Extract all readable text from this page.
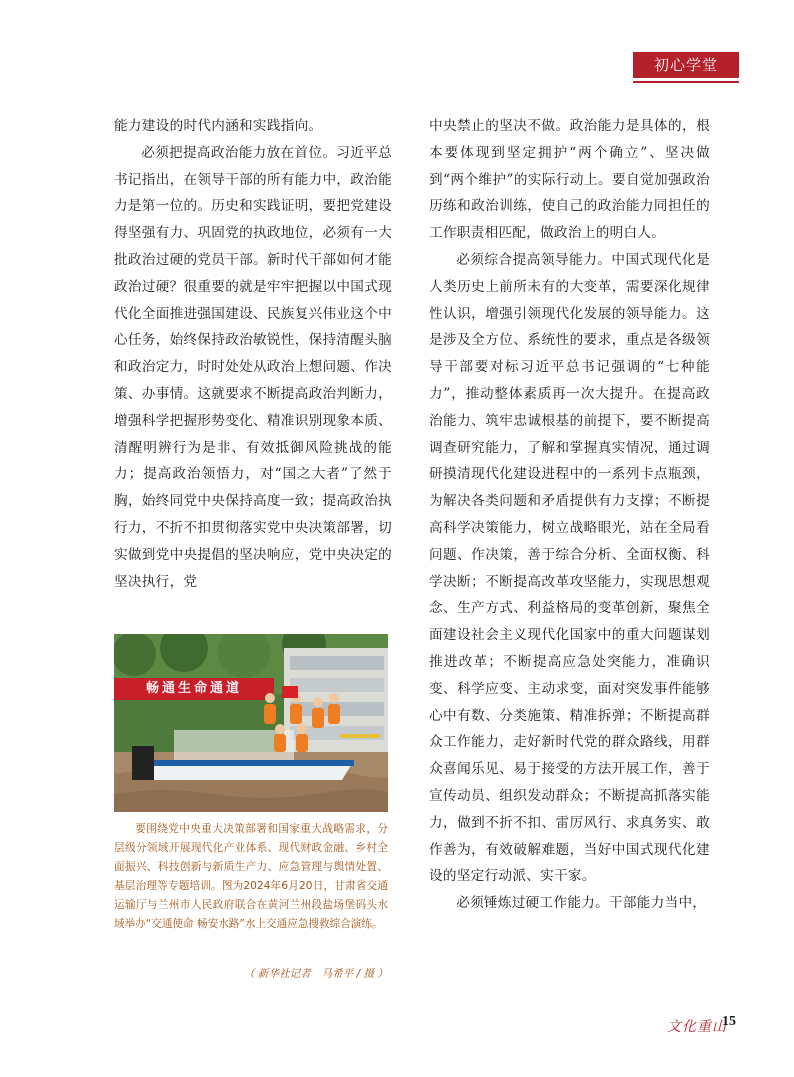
初心学堂

能力建设的时代内涵和实践指向。

必须把提高政治能力放在首位。习近平总书记指出，在领导干部的所有能力中，政治能力是第一位的。历史和实践证明，要把党建设得坚强有力、巩固党的执政地位，必须有一大批政治过硬的党员干部。新时代干部如何才能政治过硬？很重要的就是牢牢把握以中国式现代化全面推进强国建设、民族复兴伟业这个中心任务，始终保持政治敏锐性，保持清醒头脑和政治定力，时时处处从政治上想问题、作决策、办事情。这就要求不断提高政治判断力，增强科学把握形势变化、精准识别现象本质、清醒明辨行为是非、有效抵御风险挑战的能力；提高政治领悟力，对“国之大者”了然于胸，始终同党中央保持高度一致；提高政治执行力，不折不扣贯彻落实党中央决策部署，切实做到党中央提倡的坚决响应，党中央决定的坚决执行，党

中央禁止的坚决不做。政治能力是具体的，根本要体现到坚定拥护“两个确立”、坚决做到“两个维护”的实际行动上。要自觉加强政治历练和政治训练，使自己的政治能力同担任的工作职责相匹配，做政治上的明白人。

必须综合提高领导能力。中国式现代化是人类历史上前所未有的大变革，需要深化规律性认识，增强引领现代化发展的领导能力。这是涉及全方位、系统性的要求，重点是各级领导干部要对标习近平总书记强调的“七种能力”，推动整体素质再一次大提升。在提高政治能力、筑牢忠诚根基的前提下，要不断提高调查研究能力，了解和掌握真实情况，通过调研摸清现代化建设进程中的一系列卡点瓶颈，为解决各类问题和矛盾提供有力支撑；不断提高科学决策能力，树立战略眼光，站在全局看问题、作决策，善于综合分析、全面权衡、科学决断；不断提高改革攻坚能力，实现思想观念、生产方式、利益格局的变革创新，聚焦全面建设社会主义现代化国家中的重大问题谋划推进改革；不断提高应急处突能力，准确识变、科学应变、主动求变，面对突发事件能够心中有数、分类施策、精准拆弹；不断提高群众工作能力，走好新时代党的群众路线，用群众喜闻乐见、易于接受的方法开展工作，善于宣传动员、组织发动群众；不断提高抓落实能力，做到不折不扣、雷厉风行、求真务实、敢作善为，有效破解难题，当好中国式现代化建设的坚定行动派、实干家。

必须锤炼过硬工作能力。干部能力当中，

畅通生命通道

要围绕党中央重大决策部署和国家重大战略需求，分层级分领域开展现代化产业体系、现代财政金融、乡村全面振兴、科技创新与新质生产力、应急管理与舆情处置、基层治理等专题培训。图为2024年6月20日，甘肃省交通运输厅与兰州市人民政府联合在黄河兰州段盐场堡码头水域举办“交通使命 畅安水路”水上交通应急搜救综合演练。

（ 新华社记者　马希平 / 摄 ）
文化重山
15
